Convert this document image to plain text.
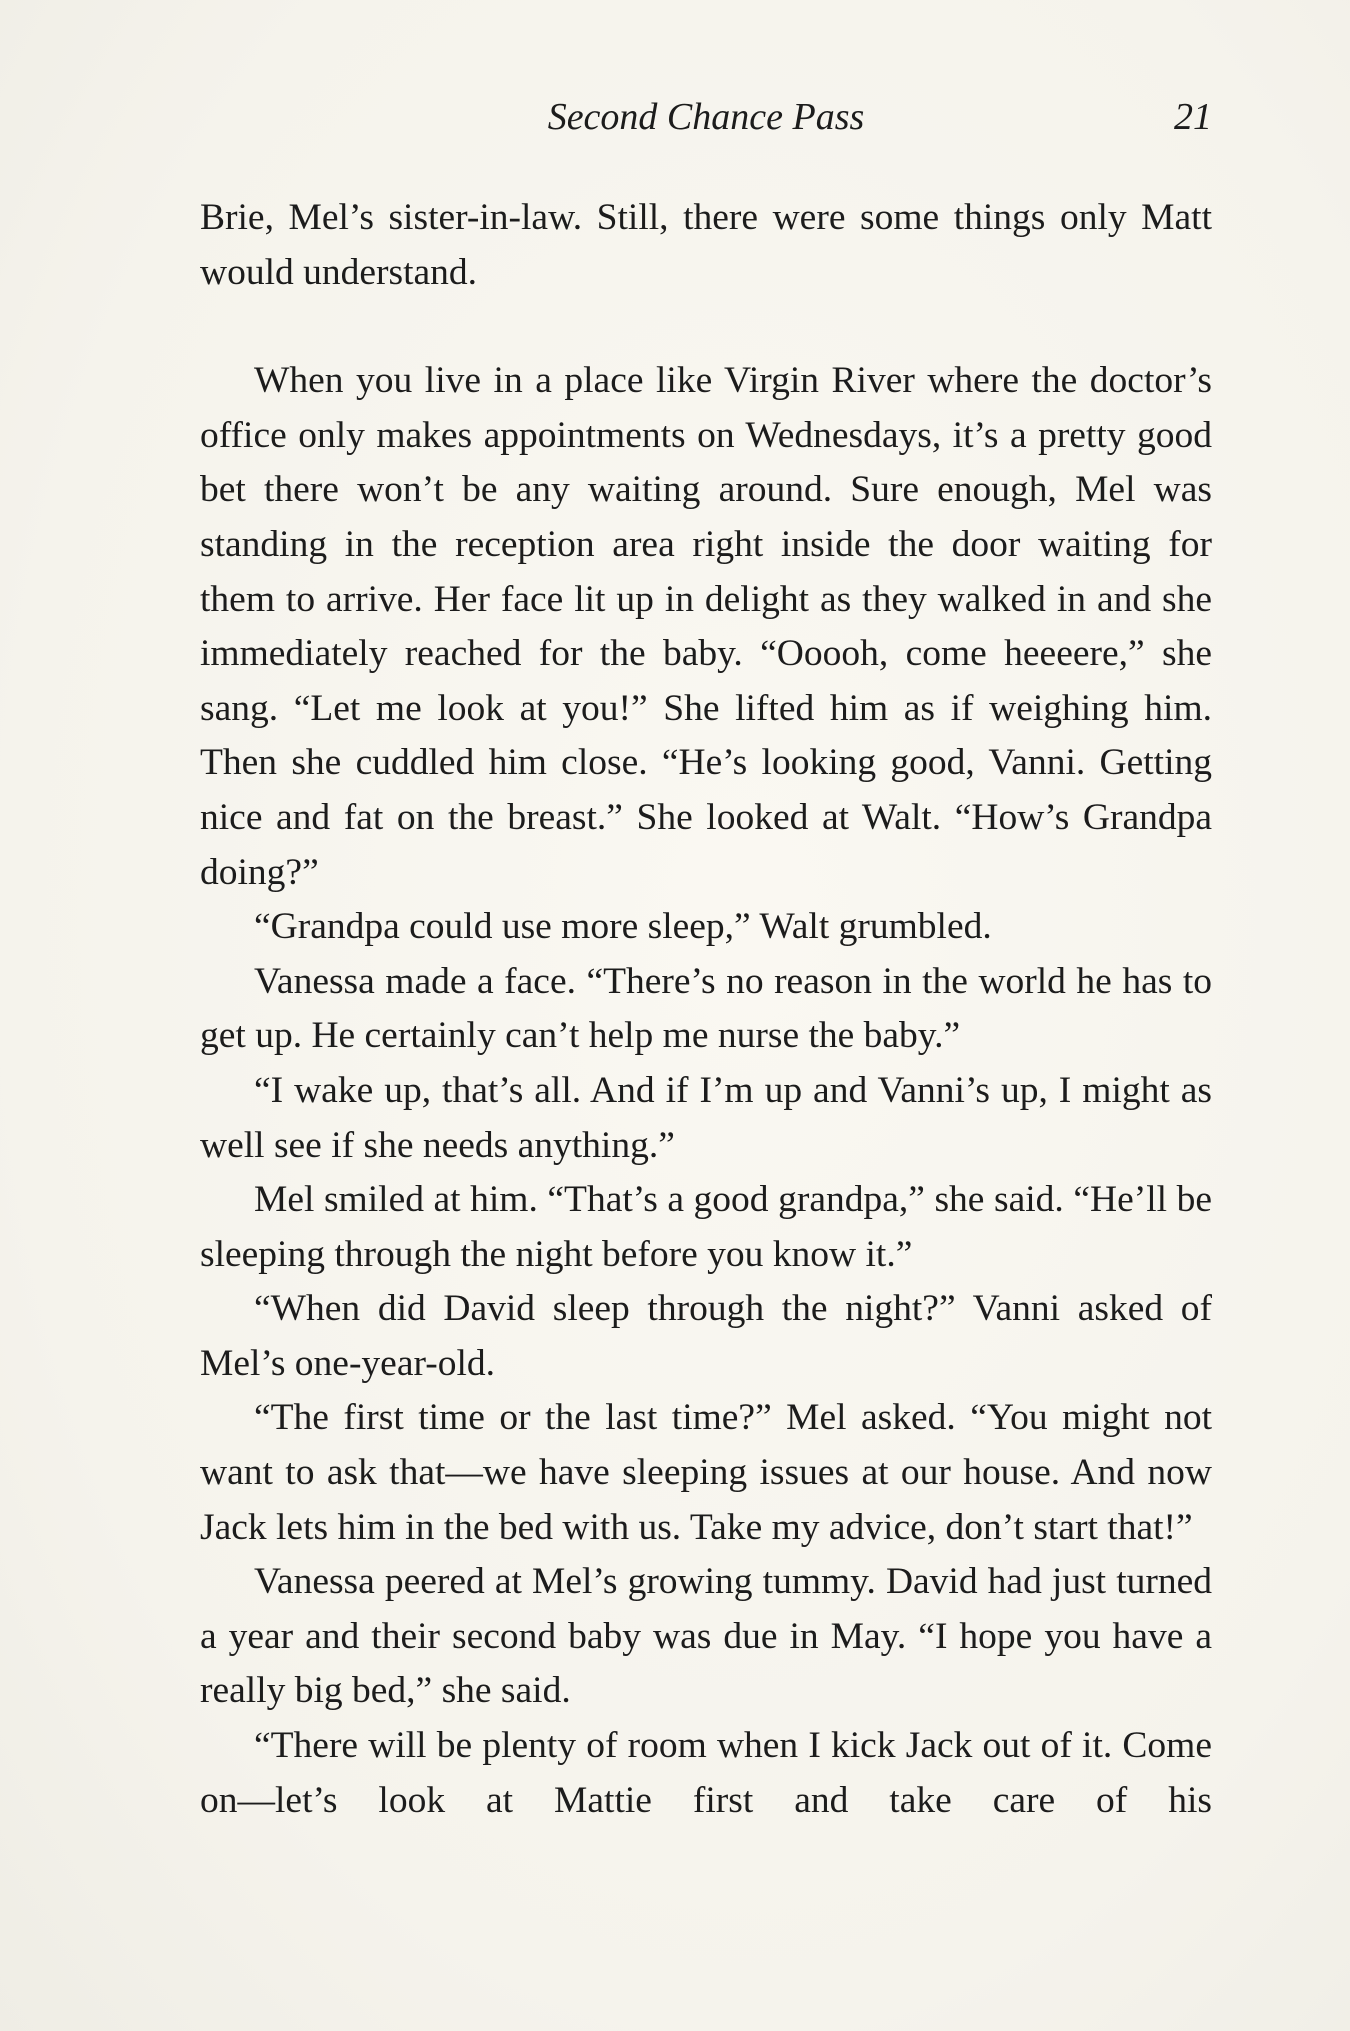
Second Chance Pass	21

Brie, Mel’s sister-in-law. Still, there were some things only Matt would understand.

When you live in a place like Virgin River where the doctor’s office only makes appointments on Wednesdays, it’s a pretty good bet there won’t be any waiting around. Sure enough, Mel was standing in the reception area right inside the door waiting for them to arrive. Her face lit up in delight as they walked in and she immediately reached for the baby. “Ooooh, come heeeere,” she sang. “Let me look at you!” She lifted him as if weighing him. Then she cuddled him close. “He’s looking good, Vanni. Getting nice and fat on the breast.” She looked at Walt. “How’s Grandpa doing?”

“Grandpa could use more sleep,” Walt grumbled.

Vanessa made a face. “There’s no reason in the world he has to get up. He certainly can’t help me nurse the baby.”

“I wake up, that’s all. And if I’m up and Vanni’s up, I might as well see if she needs anything.”

Mel smiled at him. “That’s a good grandpa,” she said. “He’ll be sleeping through the night before you know it.”

“When did David sleep through the night?” Vanni asked of Mel’s one-year-old.

“The first time or the last time?” Mel asked. “You might not want to ask that—we have sleeping issues at our house. And now Jack lets him in the bed with us. Take my advice, don’t start that!”

Vanessa peered at Mel’s growing tummy. David had just turned a year and their second baby was due in May. “I hope you have a really big bed,” she said.

“There will be plenty of room when I kick Jack out of it. Come on—let’s look at Mattie first and take care of his
